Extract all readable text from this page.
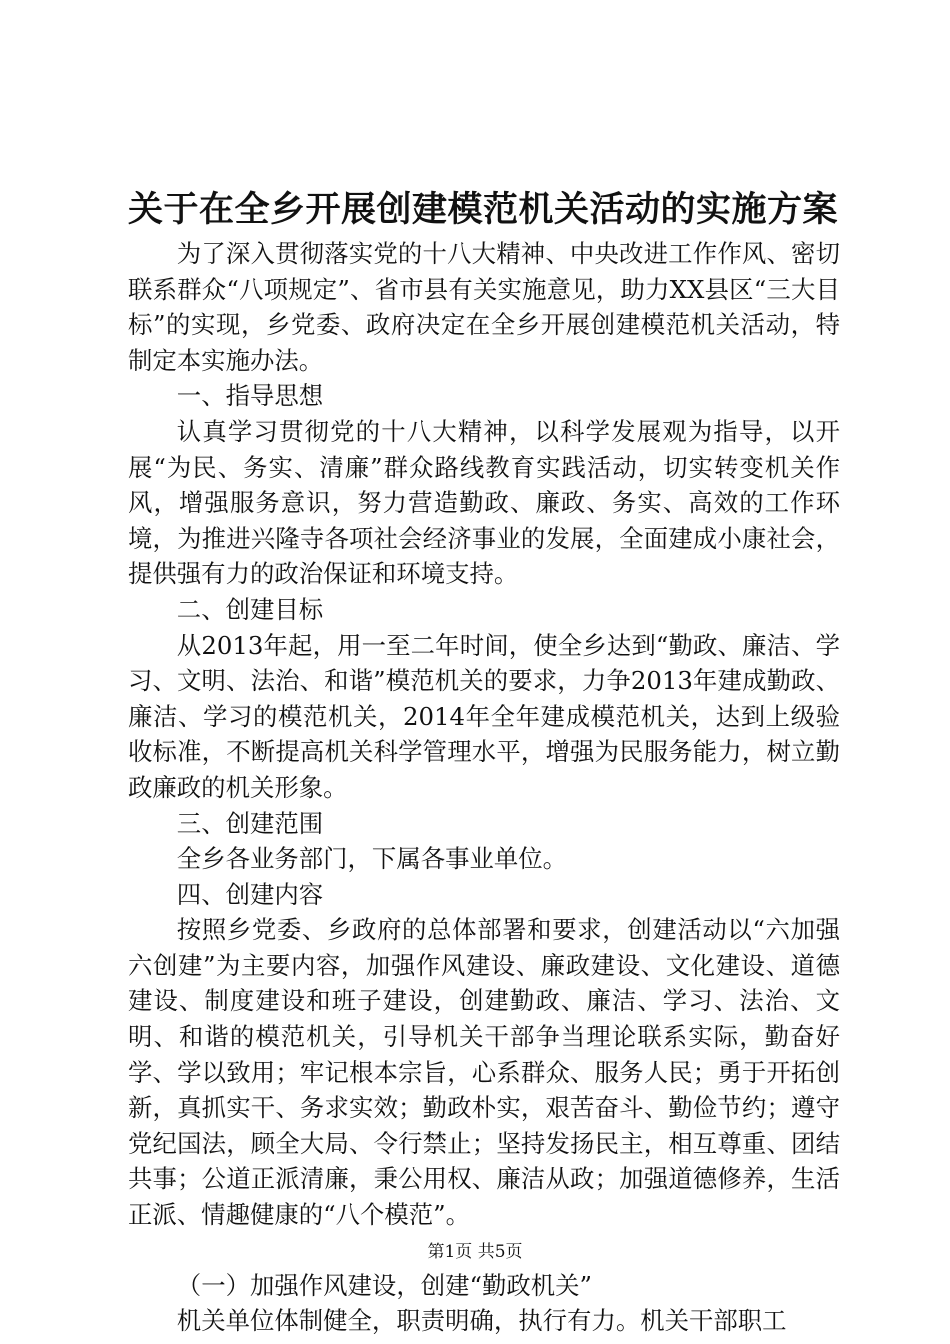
关于在全乡开展创建模范机关活动的实施方案

为了深入贯彻落实党的十八大精神、中央改进工作作风、密切联系群众“八项规定”、省市县有关实施意见，助力XX县区“三大目标”的实现，乡党委、政府决定在全乡开展创建模范机关活动，特制定本实施办法。

一、指导思想

认真学习贯彻党的十八大精神，以科学发展观为指导，以开展“为民、务实、清廉”群众路线教育实践活动，切实转变机关作风，增强服务意识，努力营造勤政、廉政、务实、高效的工作环境，为推进兴隆寺各项社会经济事业的发展，全面建成小康社会，提供强有力的政治保证和环境支持。

二、创建目标

从2013年起，用一至二年时间，使全乡达到“勤政、廉洁、学习、文明、法治、和谐”模范机关的要求，力争2013年建成勤政、廉洁、学习的模范机关，2014年全年建成模范机关，达到上级验收标准，不断提高机关科学管理水平，增强为民服务能力，树立勤政廉政的机关形象。

三、创建范围

全乡各业务部门，下属各事业单位。

四、创建内容

按照乡党委、乡政府的总体部署和要求，创建活动以“六加强六创建”为主要内容，加强作风建设、廉政建设、文化建设、道德建设、制度建设和班子建设，创建勤政、廉洁、学习、法治、文明、和谐的模范机关，引导机关干部争当理论联系实际，勤奋好学、学以致用；牢记根本宗旨，心系群众、服务人民；勇于开拓创新，真抓实干、务求实效；勤政朴实，艰苦奋斗、勤俭节约；遵守党纪国法，顾全大局、令行禁止；坚持发扬民主，相互尊重、团结共事；公道正派清廉，秉公用权、廉洁从政；加强道德修养，生活正派、情趣健康的“八个模范”。

（一）加强作风建设，创建“勤政机关”

机关单位体制健全，职责明确，执行有力。机关干部职工

第1页 共5页
